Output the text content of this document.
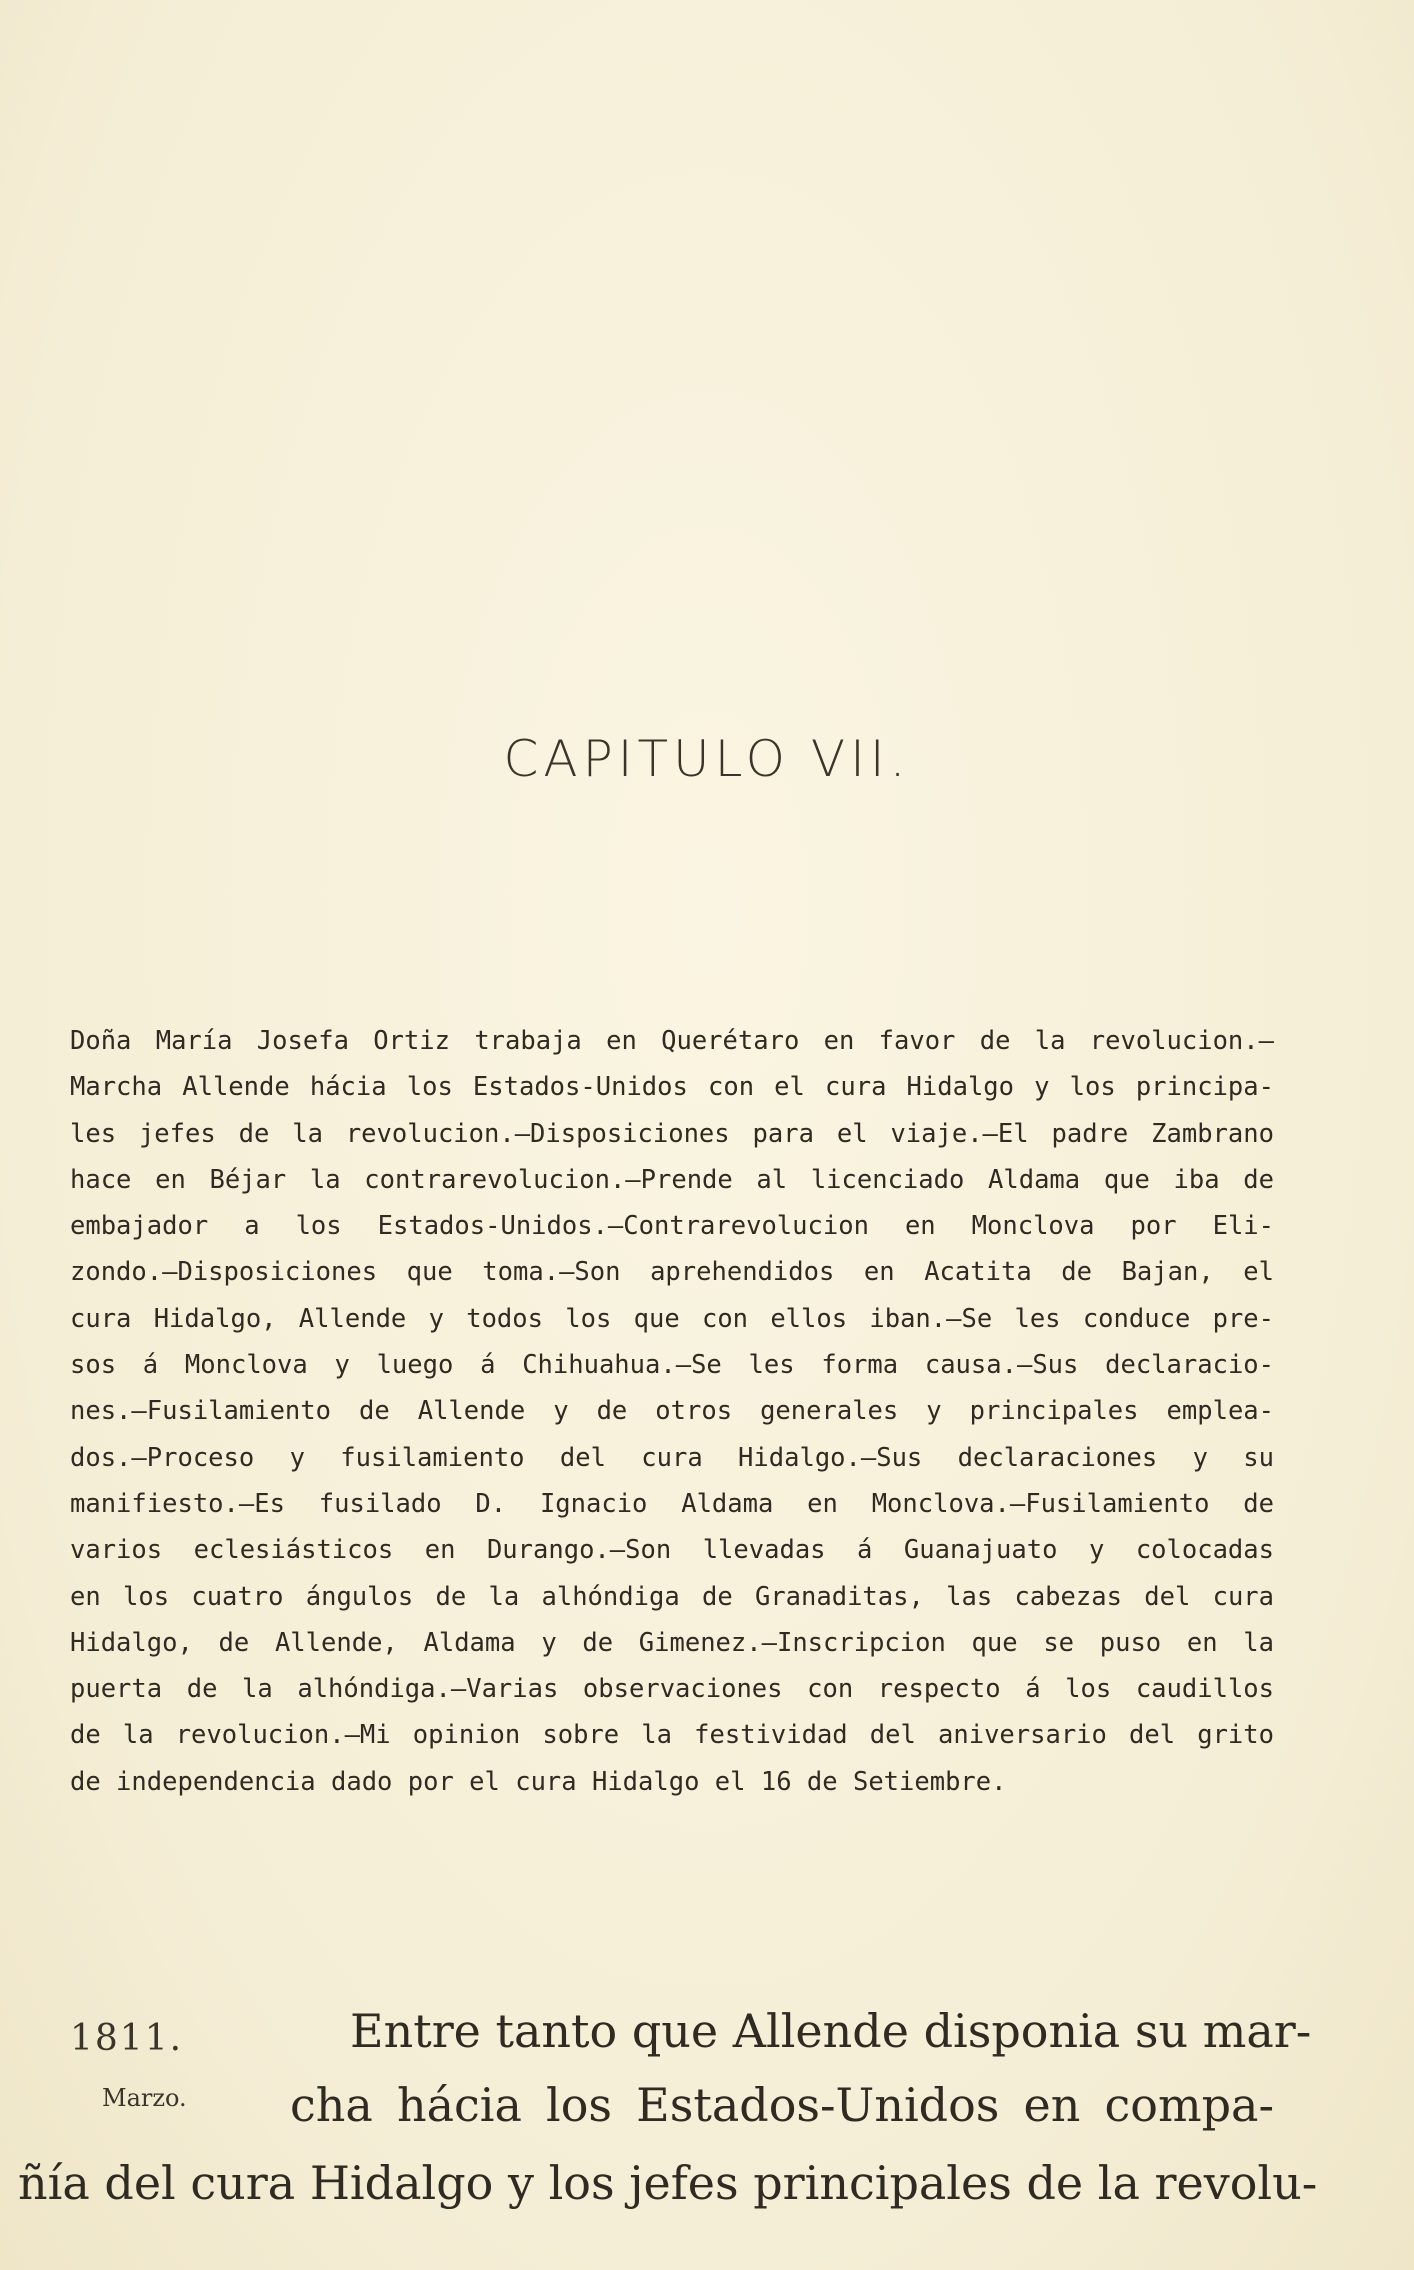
CAPITULO VII.
Doña María Josefa Ortiz trabaja en Querétaro en favor de la revolucion.—
Marcha Allende hácia los Estados-Unidos con el cura Hidalgo y los principa-
les jefes de la revolucion.—Disposiciones para el viaje.—El padre Zambrano
hace en Béjar la contrarevolucion.—Prende al licenciado Aldama que iba de
embajador a los Estados-Unidos.—Contrarevolucion en Monclova por Eli-
zondo.—Disposiciones que toma.—Son aprehendidos en Acatita de Bajan, el
cura Hidalgo, Allende y todos los que con ellos iban.—Se les conduce pre-
sos á Monclova y luego á Chihuahua.—Se les forma causa.—Sus declaracio-
nes.—Fusilamiento de Allende y de otros generales y principales emplea-
dos.—Proceso y fusilamiento del cura Hidalgo.—Sus declaraciones y su
manifiesto.—Es fusilado D. Ignacio Aldama en Monclova.—Fusilamiento de
varios eclesiásticos en Durango.—Son llevadas á Guanajuato y colocadas
en los cuatro ángulos de la alhóndiga de Granaditas, las cabezas del cura
Hidalgo, de Allende, Aldama y de Gimenez.—Inscripcion que se puso en la
puerta de la alhóndiga.—Varias observaciones con respecto á los caudillos
de la revolucion.—Mi opinion sobre la festividad del aniversario del grito
de independencia dado por el cura Hidalgo el 16 de Setiembre.
1811.
Marzo.
Entre tanto que Allende disponia su mar-
cha hácia los Estados-Unidos en compa-
ñía del cura Hidalgo y los jefes principales de la revolu-
